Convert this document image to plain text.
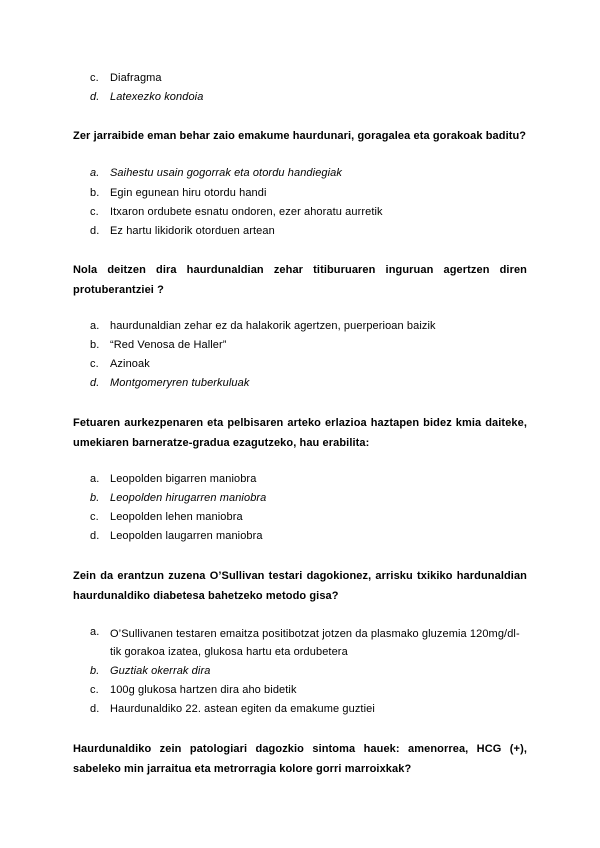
c.	Diafragma
d. Latexezko kondoia
Zer jarraibide eman behar zaio emakume haurdunari, goragalea eta gorakoak baditu?
a. Saihestu usain gogorrak eta otordu handiegiak
b. Egin egunean hiru otordu handi
c.	Itxaron ordubete esnatu ondoren, ezer ahoratu aurretik
d. Ez hartu likidorik otorduen artean
Nola deitzen dira haurdunaldian zehar titiburuaren inguruan agertzen diren protuberantziei ?
a. haurdunaldian zehar ez da halakorik agertzen, puerperioan baizik
b. “Red Venosa de Haller”
c.	Azinoak
d. Montgomeryren tuberkuluak
Fetuaren aurkezpenaren eta pelbisaren arteko erlazioa haztapen bidez kmia daiteke, umekiaren barneratze-gradua ezagutzeko, hau erabilita:
a. Leopolden bigarren maniobra
b. Leopolden hirugarren maniobra
c.	Leopolden lehen maniobra
d. Leopolden laugarren maniobra
Zein da erantzun zuzena O’Sullivan testari dagokionez, arrisku txikiko hardunaldian haurdunaldiko diabetesa bahetzeko metodo gisa?
a. O’Sullivanen testaren emaitza positibotzat jotzen da plasmako gluzemia 120mg/dl-tik gorakoa izatea, glukosa hartu eta ordubetera
b. Guztiak okerrak dira
c.	100g glukosa hartzen dira aho bidetik
d. Haurdunaldiko 22. astean egiten da emakume guztiei
Haurdunaldiko zein patologiari dagozkio sintoma hauek: amenorrea, HCG (+), sabeleko min jarraitua eta metrorragia kolore gorri marroixkak?
